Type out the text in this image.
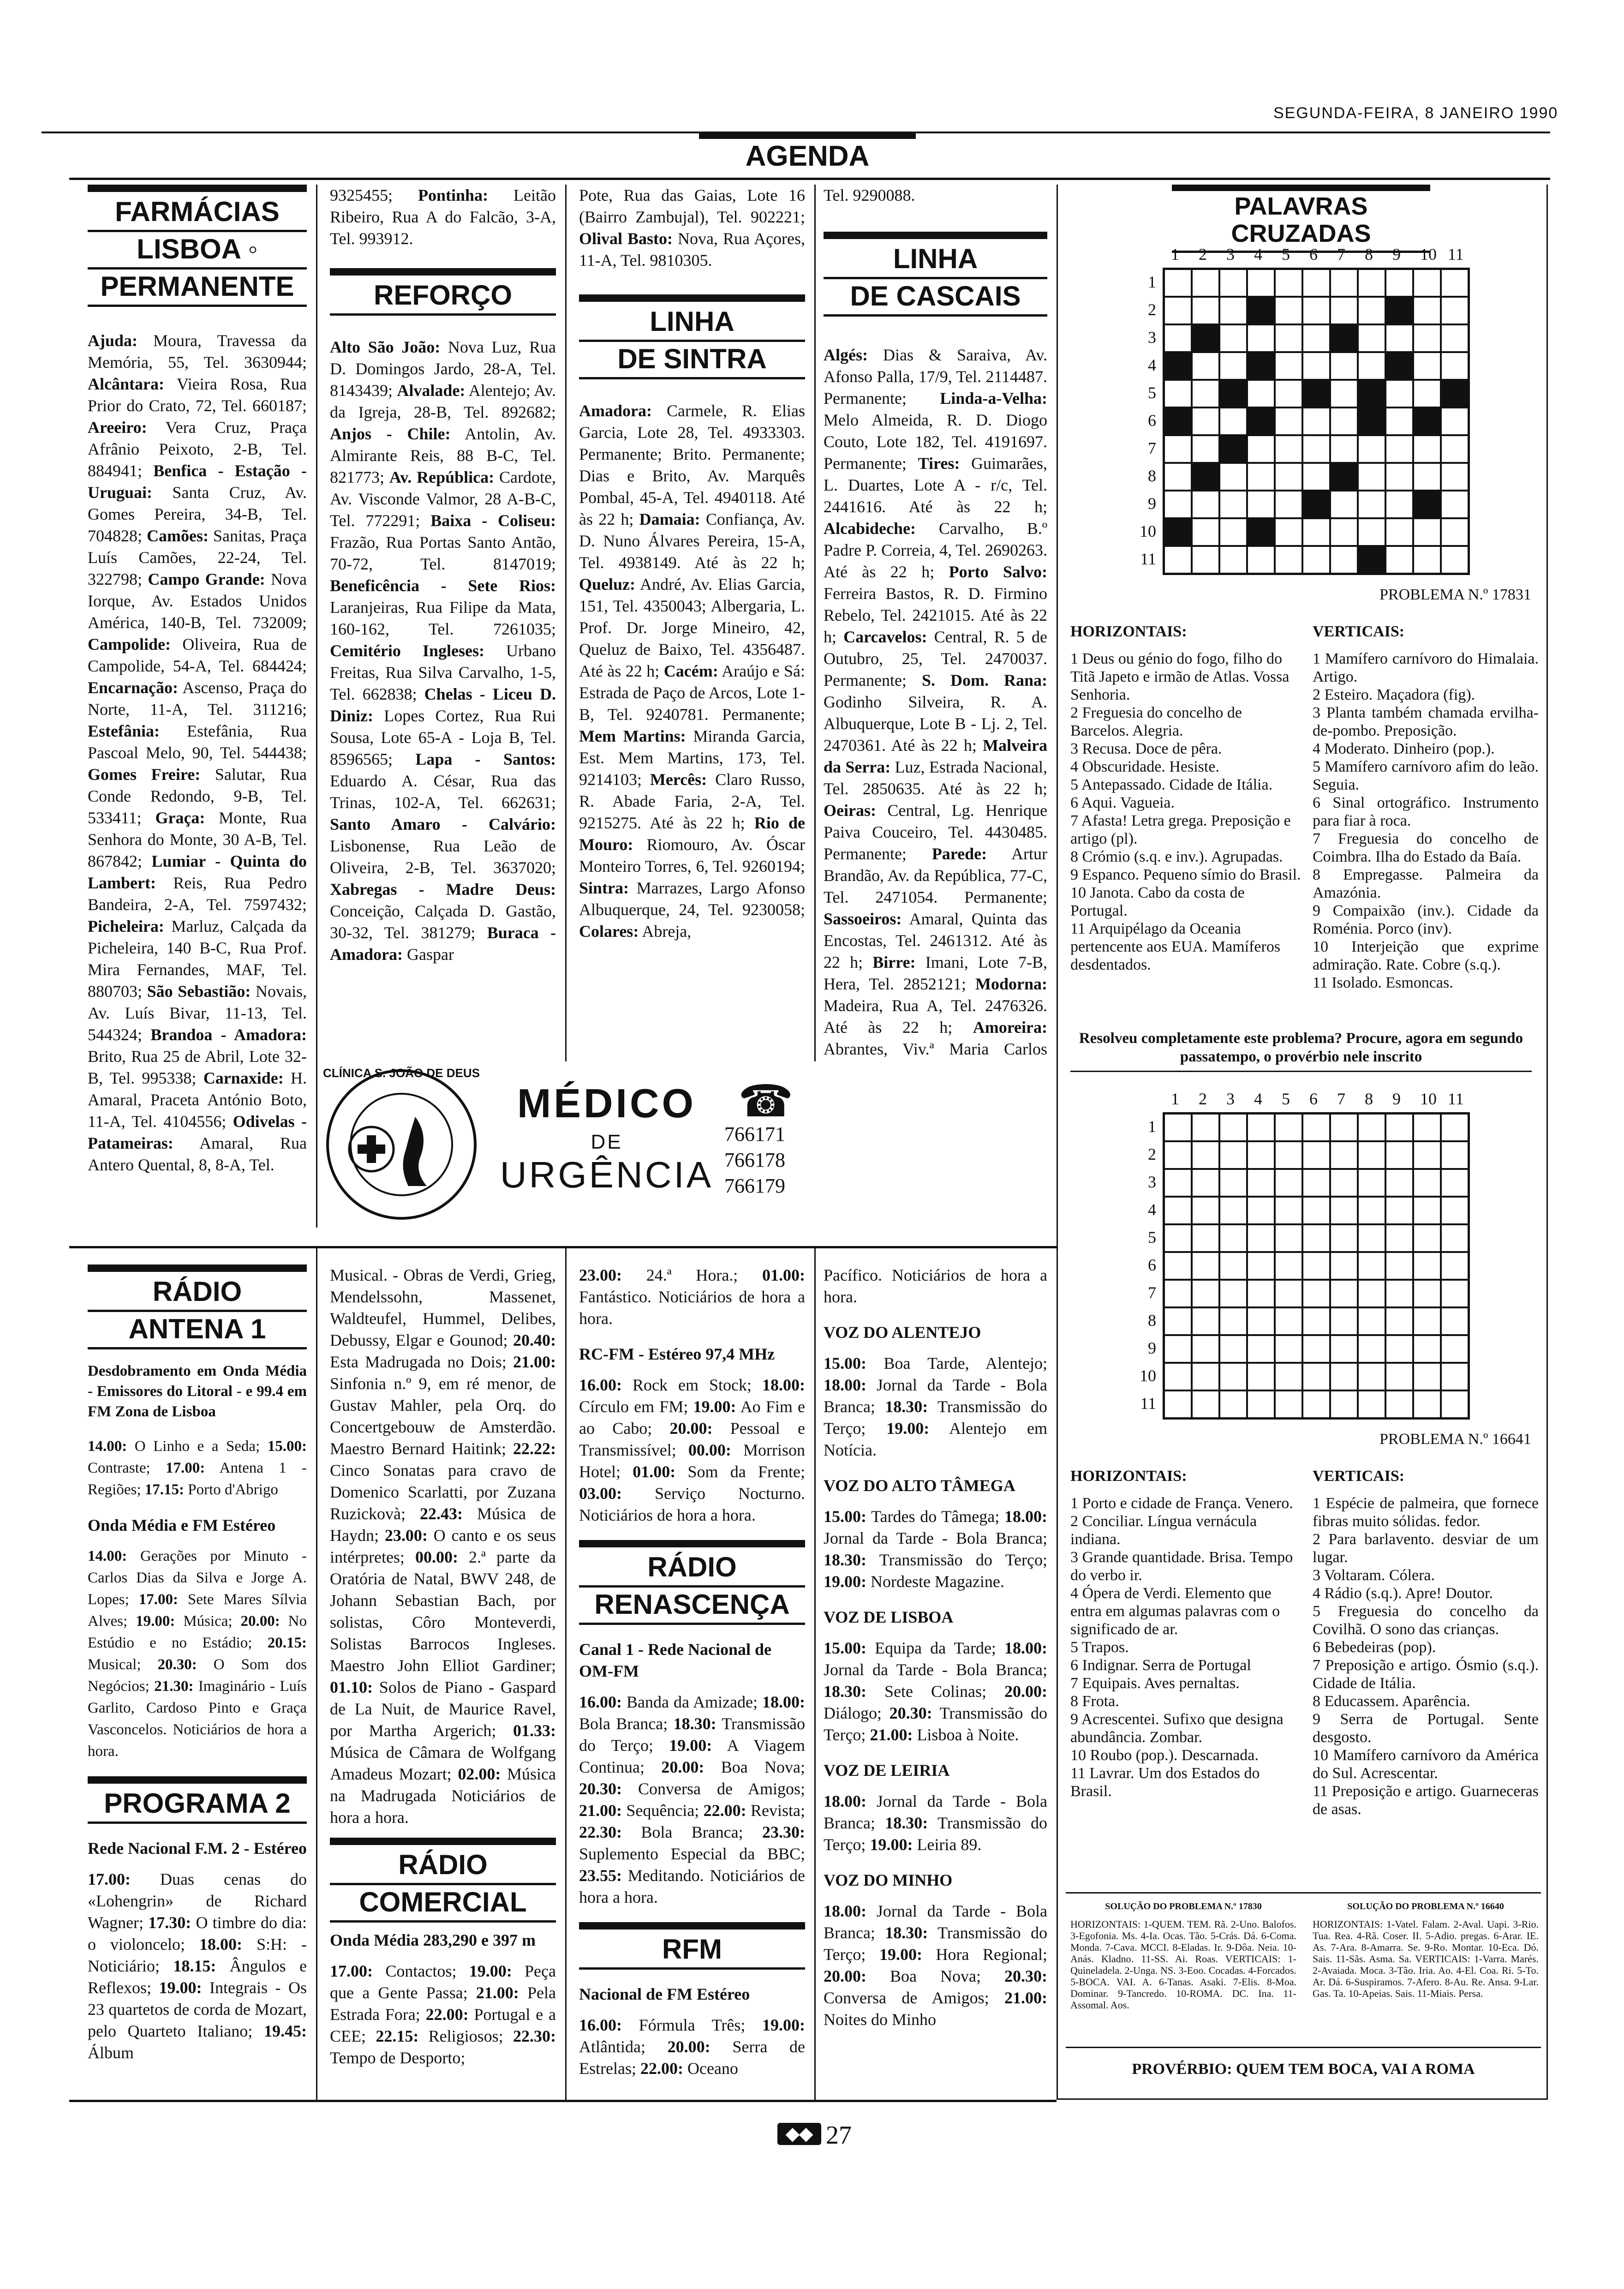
SEGUNDA-FEIRA, 8 JANEIRO 1990
AGENDA
FARMÁCIAS
LISBOA ◦
PERMANENTE
Ajuda: Moura, Travessa da Memória, 55, Tel. 3630944; Alcântara: Vieira Rosa, Rua Prior do Crato, 72, Tel. 660187; Areeiro: Vera Cruz, Praça Afrânio Peixoto, 2-B, Tel. 884941; Benfica - Estação - Uruguai: Santa Cruz, Av. Gomes Pereira, 34-B, Tel. 704828; Camões: Sanitas, Praça Luís Camões, 22-24, Tel. 322798; Campo Grande: Nova Iorque, Av. Estados Unidos América, 140-B, Tel. 732009; Campolide: Oliveira, Rua de Campolide, 54-A, Tel. 684424; Encarnação: Ascenso, Praça do Norte, 11-A, Tel. 311216; Estefânia: Estefânia, Rua Pascoal Melo, 90, Tel. 544438; Gomes Freire: Salutar, Rua Conde Redondo, 9-B, Tel. 533411; Graça: Monte, Rua Senhora do Monte, 30 A-B, Tel. 867842; Lumiar - Quinta do Lambert: Reis, Rua Pedro Bandeira, 2-A, Tel. 7597432; Picheleira: Marluz, Calçada da Picheleira, 140 B-C, Rua Prof. Mira Fernandes, MAF, Tel. 880703; São Sebastião: Novais, Av. Luís Bivar, 11-13, Tel. 544324; Brandoa - Amadora: Brito, Rua 25 de Abril, Lote 32-B, Tel. 995338; Carnaxide: H. Amaral, Praceta António Boto, 11-A, Tel. 4104556; Odivelas - Patameiras: Amaral, Rua Antero Quental, 8, 8-A, Tel.
9325455; Pontinha: Leitão Ribeiro, Rua A do Falcão, 3-A, Tel. 993912.
REFORÇO
Alto São João: Nova Luz, Rua D. Domingos Jardo, 28-A, Tel. 8143439; Alvalade: Alentejo; Av. da Igreja, 28-B, Tel. 892682; Anjos - Chile: Antolin, Av. Almirante Reis, 88 B-C, Tel. 821773; Av. República: Cardote, Av. Visconde Valmor, 28 A-B-C, Tel. 772291; Baixa - Coliseu: Frazão, Rua Portas Santo Antão, 70-72, Tel. 8147019; Beneficência - Sete Rios: Laranjeiras, Rua Filipe da Mata, 160-162, Tel. 7261035; Cemitério Ingleses: Urbano Freitas, Rua Silva Carvalho, 1-5, Tel. 662838; Chelas - Liceu D. Diniz: Lopes Cortez, Rua Rui Sousa, Lote 65-A - Loja B, Tel. 8596565; Lapa - Santos: Eduardo A. César, Rua das Trinas, 102-A, Tel. 662631; Santo Amaro - Calvário: Lisbonense, Rua Leão de Oliveira, 2-B, Tel. 3637020; Xabregas - Madre Deus: Conceição, Calçada D. Gastão, 30-32, Tel. 381279; Buraca - Amadora: Gaspar
Pote, Rua das Gaias, Lote 16 (Bairro Zambujal), Tel. 902221; Olival Basto: Nova, Rua Açores, 11-A, Tel. 9810305.
LINHA
DE SINTRA
Amadora: Carmele, R. Elias Garcia, Lote 28, Tel. 4933303. Permanente; Brito. Permanente; Dias e Brito, Av. Marquês Pombal, 45-A, Tel. 4940118. Até às 22 h; Damaia: Confiança, Av. D. Nuno Álvares Pereira, 15-A, Tel. 4938149. Até às 22 h; Queluz: André, Av. Elias Garcia, 151, Tel. 4350043; Albergaria, L. Prof. Dr. Jorge Mineiro, 42, Queluz de Baixo, Tel. 4356487. Até às 22 h; Cacém: Araújo e Sá: Estrada de Paço de Arcos, Lote 1-B, Tel. 9240781. Permanente; Mem Martins: Miranda Garcia, Est. Mem Martins, 173, Tel. 9214103; Mercês: Claro Russo, R. Abade Faria, 2-A, Tel. 9215275. Até às 22 h; Rio de Mouro: Riomouro, Av. Óscar Monteiro Torres, 6, Tel. 9260194; Sintra: Marrazes, Largo Afonso Albuquerque, 24, Tel. 9230058; Colares: Abreja,
Tel. 9290088.
LINHA
DE CASCAIS
Algés: Dias & Saraiva, Av. Afonso Palla, 17/9, Tel. 2114487. Permanente; Linda-a-Velha: Melo Almeida, R. D. Diogo Couto, Lote 182, Tel. 4191697. Permanente; Tires: Guimarães, L. Duartes, Lote A - r/c, Tel. 2441616. Até às 22 h; Alcabideche: Carvalho, B.º Padre P. Correia, 4, Tel. 2690263. Até às 22 h; Porto Salvo: Ferreira Bastos, R. D. Firmino Rebelo, Tel. 2421015. Até às 22 h; Carcavelos: Central, R. 5 de Outubro, 25, Tel. 2470037. Permanente; S. Dom. Rana: Godinho Silveira, R. A. Albuquerque, Lote B - Lj. 2, Tel. 2470361. Até às 22 h; Malveira da Serra: Luz, Estrada Nacional, Tel. 2850635. Até às 22 h; Oeiras: Central, Lg. Henrique Paiva Couceiro, Tel. 4430485. Permanente; Parede: Artur Brandão, Av. da República, 77-C, Tel. 2471054. Permanente; Sassoeiros: Amaral, Quinta das Encostas, Tel. 2461312. Até às 22 h; Birre: Imani, Lote 7-B, Hera, Tel. 2852121; Modorna: Madeira, Rua A, Tel. 2476326. Até às 22 h; Amoreira: Abrantes, Viv.ª Maria Carlos
CLÍNICA S. JOÃO DE DEUS
MÉDICO
DE
URGÊNCIA
☎
766171
766178
766179
RÁDIO
ANTENA 1

Desdobramento em Onda Média - Emissores do Litoral - e 99.4 em FM Zona de Lisboa

14.00: O Linho e a Seda; 15.00: Contraste; 17.00: Antena 1 - Regiões; 17.15: Porto d'Abrigo

Onda Média e FM Estéreo

14.00: Gerações por Minuto - Carlos Dias da Silva e Jorge A. Lopes; 17.00: Sete Mares Sílvia Alves; 19.00: Música; 20.00: No Estúdio e no Estádio; 20.15: Musical; 20.30: O Som dos Negócios; 21.30: Imaginário - Luís Garlito, Cardoso Pinto e Graça Vasconcelos. Noticiários de hora a hora.

PROGRAMA 2
Rede Nacional F.M. 2 - Estéreo

17.00: Duas cenas do «Lohengrin» de Richard Wagner; 17.30: O timbre do dia: o violoncelo; 18.00: S:H: - Noticiário; 18.15: Ângulos e Reflexos; 19.00: Integrais - Os 23 quartetos de corda de Mozart, pelo Quarteto Italiano; 19.45: Álbum

Musical. - Obras de Verdi, Grieg, Mendelssohn, Massenet, Waldteufel, Hummel, Delibes, Debussy, Elgar e Gounod; 20.40: Esta Madrugada no Dois; 21.00: Sinfonia n.º 9, em ré menor, de Gustav Mahler, pela Orq. do Concertgebouw de Amsterdão. Maestro Bernard Haitink; 22.22: Cinco Sonatas para cravo de Domenico Scarlatti, por Zuzana Ruzickovà; 22.43: Música de Haydn; 23.00: O canto e os seus intérpretes; 00.00: 2.ª parte da Oratória de Natal, BWV 248, de Johann Sebastian Bach, por solistas, Côro Monteverdi, Solistas Barrocos Ingleses. Maestro John Elliot Gardiner; 01.10: Solos de Piano - Gaspard de La Nuit, de Maurice Ravel, por Martha Argerich; 01.33: Música de Câmara de Wolfgang Amadeus Mozart; 02.00: Música na Madrugada Noticiários de hora a hora.
RÁDIO
COMERCIAL
Onda Média 283,290 e 397 m

17.00: Contactos; 19.00: Peça que a Gente Passa; 21.00: Pela Estrada Fora; 22.00: Portugal e a CEE; 22.15: Religiosos; 22.30: Tempo de Desporto;

23.00: 24.ª Hora.; 01.00: Fantástico. Noticiários de hora a hora.

RC-FM - Estéreo 97,4 MHz

16.00: Rock em Stock; 18.00: Círculo em FM; 19.00: Ao Fim e ao Cabo; 20.00: Pessoal e Transmissível; 00.00: Morrison Hotel; 01.00: Som da Frente; 03.00: Serviço Nocturno. Noticiários de hora a hora.

RÁDIO
RENASCENÇA
Canal 1 - Rede Nacional de OM-FM

16.00: Banda da Amizade; 18.00: Bola Branca; 18.30: Transmissão do Terço; 19.00: A Viagem Continua; 20.00: Boa Nova; 20.30: Conversa de Amigos; 21.00: Sequência; 22.00: Revista; 22.30: Bola Branca; 23.30: Suplemento Especial da BBC; 23.55: Meditando. Noticiários de hora a hora.

RFM
Nacional de FM Estéreo

16.00: Fórmula Três; 19.00: Atlântida; 20.00: Serra de Estrelas; 22.00: Oceano

Pacífico. Noticiários de hora a hora.

VOZ DO ALENTEJO

15.00: Boa Tarde, Alentejo; 18.00: Jornal da Tarde - Bola Branca; 18.30: Transmissão do Terço; 19.00: Alentejo em Notícia.

VOZ DO ALTO TÂMEGA

15.00: Tardes do Tâmega; 18.00: Jornal da Tarde - Bola Branca; 18.30: Transmissão do Terço; 19.00: Nordeste Magazine.

VOZ DE LISBOA

15.00: Equipa da Tarde; 18.00: Jornal da Tarde - Bola Branca; 18.30: Sete Colinas; 20.00: Diálogo; 20.30: Transmissão do Terço; 21.00: Lisboa à Noite.

VOZ DE LEIRIA

18.00: Jornal da Tarde - Bola Branca; 18.30: Transmissão do Terço; 19.00: Leiria 89.

VOZ DO MINHO

18.00: Jornal da Tarde - Bola Branca; 18.30: Transmissão do Terço; 19.00: Hora Regional; 20.00: Boa Nova; 20.30: Conversa de Amigos; 21.00: Noites do Minho

PALAVRAS CRUZADAS
1 2 3 4 5 6 7 8 9 10 11
1
2
3
4
5
6
7
8
9
10
11
PROBLEMA N.º 17831
HORIZONTAIS:
1 Deus ou génio do fogo, filho do Titã Japeto e irmão de Atlas. Vossa Senhoria.
2 Freguesia do concelho de Barcelos. Alegria.
3 Recusa. Doce de pêra.
4 Obscuridade. Hesiste.
5 Antepassado. Cidade de Itália.
6 Aqui. Vagueia.
7 Afasta! Letra grega. Preposição e artigo (pl).
8 Crómio (s.q. e inv.). Agrupadas.
9 Espanco. Pequeno símio do Brasil.
10 Janota. Cabo da costa de Portugal.
11 Arquipélago da Oceania pertencente aos EUA. Mamíferos desdentados.
VERTICAIS:
1 Mamífero carnívoro do Himalaia. Artigo.
2 Esteiro. Maçadora (fig).
3 Planta também chamada ervilha-de-pombo. Preposição.
4 Moderato. Dinheiro (pop.).
5 Mamífero carnívoro afim do leão. Seguia.
6 Sinal ortográfico. Instrumento para fiar à roca.
7 Freguesia do concelho de Coimbra. Ilha do Estado da Baía.
8 Empregasse. Palmeira da Amazónia.
9 Compaixão (inv.). Cidade da Roménia. Porco (inv).
10 Interjeição que exprime admiração. Rate. Cobre (s.q.).
11 Isolado. Esmoncas.
Resolveu completamente este problema? Procure, agora em segundo passatempo, o provérbio nele inscrito
1 2 3 4 5 6 7 8 9 10 11
1
2
3
4
5
6
7
8
9
10
11
PROBLEMA N.º 16641
HORIZONTAIS:
1 Porto e cidade de França. Venero.
2 Conciliar. Língua vernácula indiana.
3 Grande quantidade. Brisa. Tempo do verbo ir.
4 Ópera de Verdi. Elemento que entra em algumas palavras com o significado de ar.
5 Trapos.
6 Indignar. Serra de Portugal
7 Equipais. Aves pernaltas.
8 Frota.
9 Acrescentei. Sufixo que designa abundância. Zombar.
10 Roubo (pop.). Descarnada.
11 Lavrar. Um dos Estados do Brasil.
VERTICAIS:
1 Espécie de palmeira, que fornece fibras muito sólidas. fedor.
2 Para barlavento. desviar de um lugar.
3 Voltaram. Cólera.
4 Rádio (s.q.). Apre! Doutor.
5 Freguesia do concelho da Covilhã. O sono das crianças.
6 Bebedeiras (pop).
7 Preposição e artigo. Ósmio (s.q.). Cidade de Itália.
8 Educassem. Aparência.
9 Serra de Portugal. Sente desgosto.
10 Mamífero carnívoro da América do Sul. Acrescentar.
11 Preposição e artigo. Guarneceras de asas.
SOLUÇÃO DO PROBLEMA N.º 17830
HORIZONTAIS: 1-QUEM. TEM. Rã. 2-Uno. Balofos. 3-Egofonia. Ms. 4-Ia. Ocas. Tão. 5-Crás. Dá. 6-Coma. Monda. 7-Cava. MCCI. 8-Eladas. Ir. 9-Dôa. Neia. 10-Anás. Kladno. 11-SS. Ai. Roas. VERTICAIS: 1-Quineladela. 2-Unga. NS. 3-Eoo. Cocadas. 4-Forcados. 5-BOCA. VAI. A. 6-Tanas. Asaki. 7-Elis. 8-Moa. Dominar. 9-Tancredo. 10-ROMA. DC. Ina. 11-Assomal. Aos.
SOLUÇÃO DO PROBLEMA N.º 16640
HORIZONTAIS: 1-Vatel. Falam. 2-Aval. Uapi. 3-Rio. Tua. Rea. 4-Rã. Coser. II. 5-Adio. pregas. 6-Arar. IE. As. 7-Ara. 8-Amarra. Se. 9-Ro. Montar. 10-Eca. Dó. Sais. 11-Sãs. Asma. Sa. VERTICAIS: 1-Varra. Marés. 2-Avaiada. Moca. 3-Tão. Iria. Ao. 4-El. Coa. Ri. 5-To. Ar. Dá. 6-Suspiramos. 7-Afero. 8-Au. Re. Ansa. 9-Lar. Gas. Ta. 10-Apeias. Sais. 11-Miais. Persa.
PROVÉRBIO: QUEM TEM BOCA, VAI A ROMA
◆◆ 27
